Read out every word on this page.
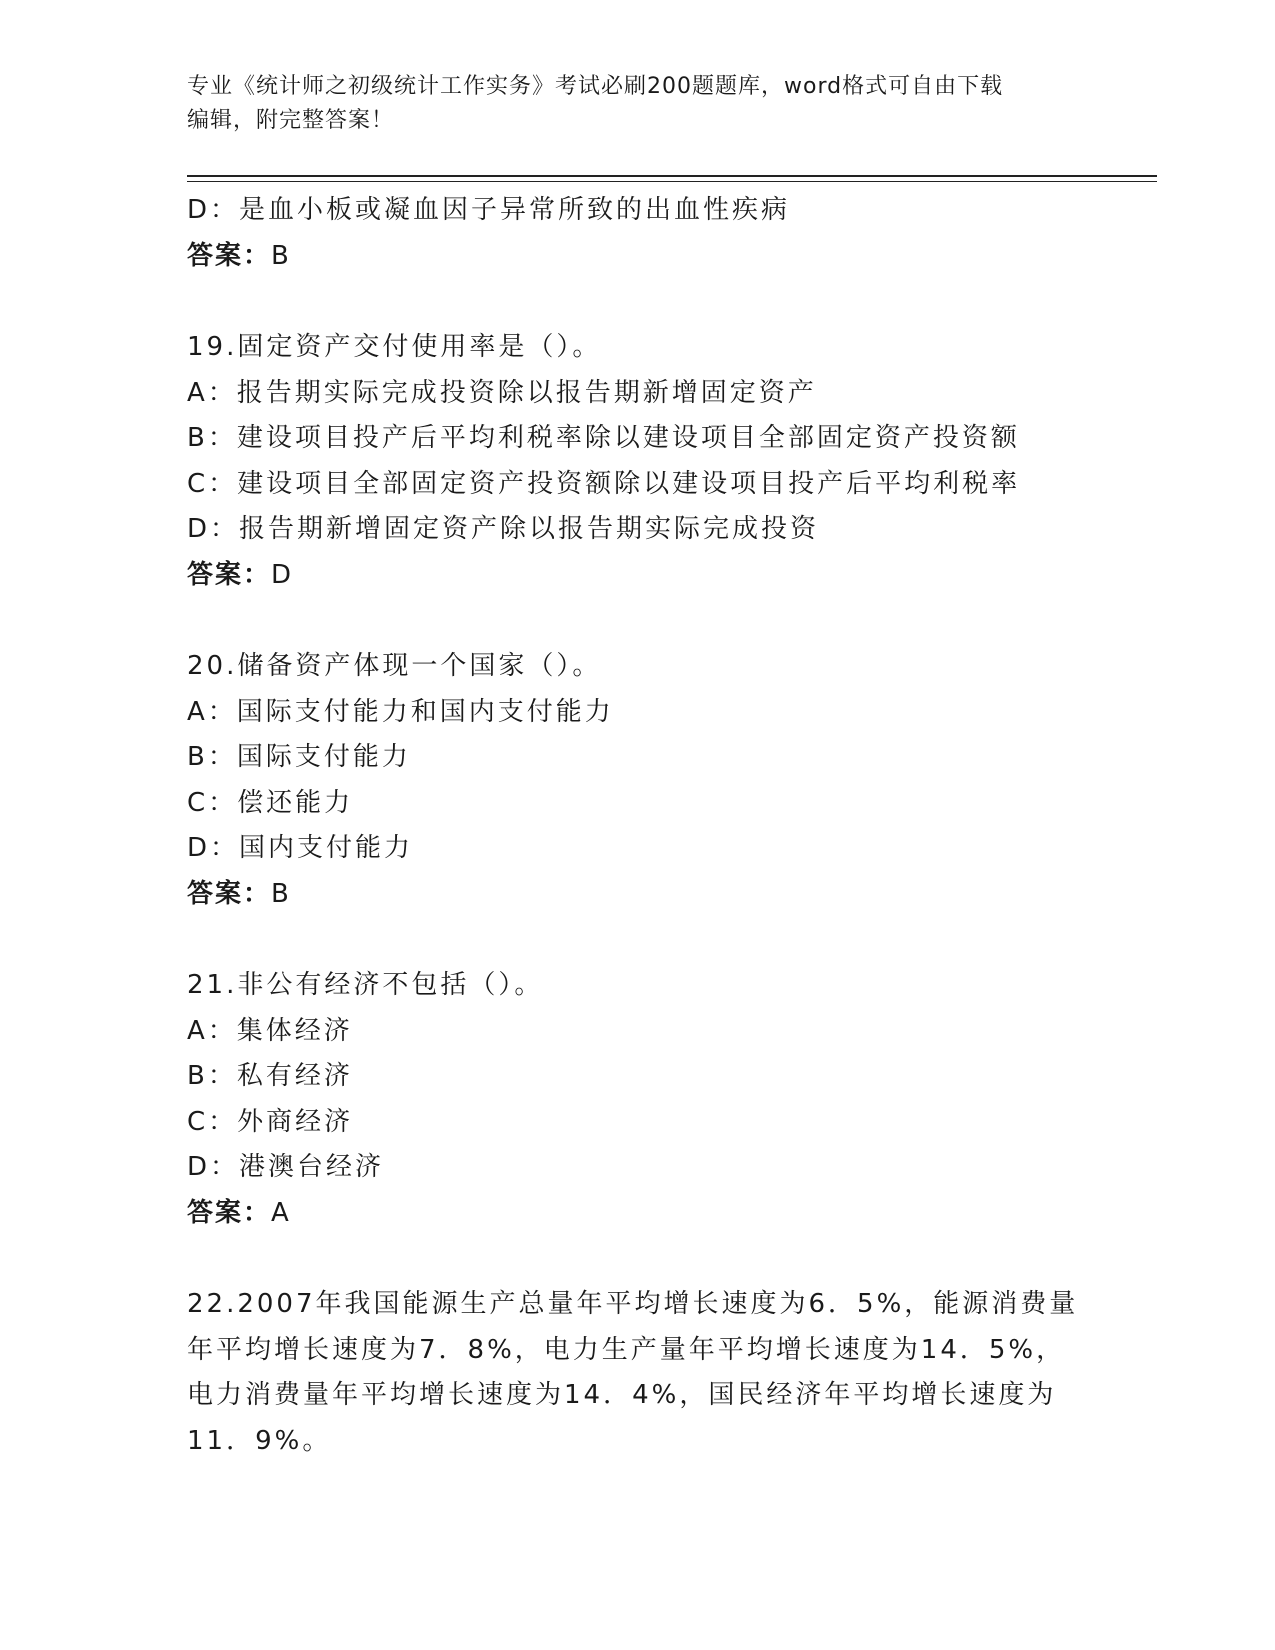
专业《统计师之初级统计工作实务》考试必刷200题题库，word格式可自由下载
编辑，附完整答案！
D：是血小板或凝血因子异常所致的出血性疾病
答案：B
19.固定资产交付使用率是（）。
A：报告期实际完成投资除以报告期新增固定资产
B：建设项目投产后平均利税率除以建设项目全部固定资产投资额
C：建设项目全部固定资产投资额除以建设项目投产后平均利税率
D：报告期新增固定资产除以报告期实际完成投资
答案：D
20.储备资产体现一个国家（）。
A：国际支付能力和国内支付能力
B：国际支付能力
C：偿还能力
D：国内支付能力
答案：B
21.非公有经济不包括（）。
A：集体经济
B：私有经济
C：外商经济
D：港澳台经济
答案：A
22.2007年我国能源生产总量年平均增长速度为6．5%，能源消费量
年平均增长速度为7．8%，电力生产量年平均增长速度为14．5%，
电力消费量年平均增长速度为14．4%，国民经济年平均增长速度为
11．9%。
